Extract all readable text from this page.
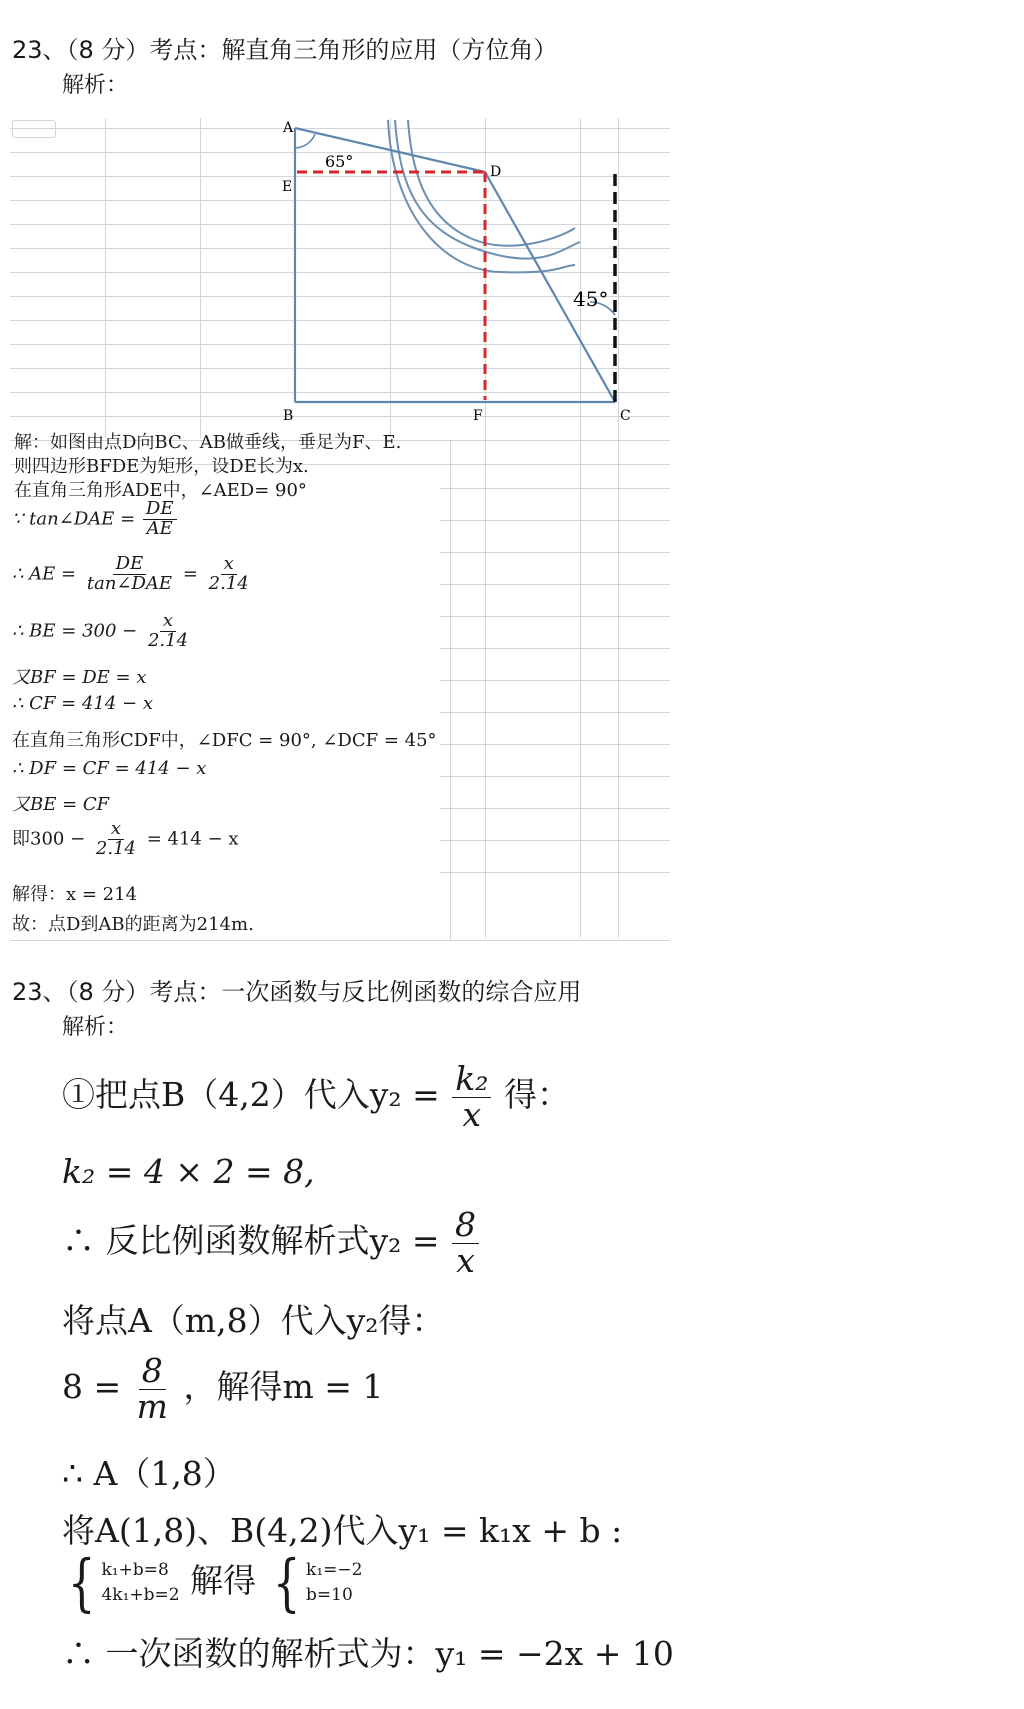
23、（8 分）考点：解直角三角形的应用（方位角）
解析：
A
E
D
B	F	C
65°
45°
解：如图由点D向BC、AB做垂线，垂足为F、E.
则四边形BFDE为矩形，设DE长为x.
在直角三角形ADE中，∠AED= 90°
∵ tan∠DAE = $\frac{DE}{AE}$
∴ AE = $\frac{DE}{\text{tan∠DAE}} = \frac{x}{2.14}$
∴ BE = $300 - \frac{x}{2.14}$
又BF = DE = x
∴ CF = 414 − x
在直角三角形CDF中，∠DFC = 90°, ∠DCF = 45°
∴ DF = CF = 414 − x
又BE = CF
即$300 - \frac{x}{2.14} = 414 - x$
解得：x = 214
故：点D到AB的距离为214m.
23、（8 分）考点：一次函数与反比例函数的综合应用
解析：
①把点B（4,2）代入$y_2 = \frac{\text{k₂}}{x}$ 得：
k₂ = 4 × 2 = 8,
∴ 反比例函数解析式$y_2 = \frac{8}{x}$
将点A（m,8）代入y₂得：
$8 = \frac{8}{m}$ ，解得m = 1
∴ A（1,8）
将A(1,8)、B(4,2)代入y₁ = k₁x + b :
{ k₁+b=8
4k₁+b=2 解得 { k₁=−2
b=10
∴ 一次函数的解析式为：y₁ = −2x + 10
